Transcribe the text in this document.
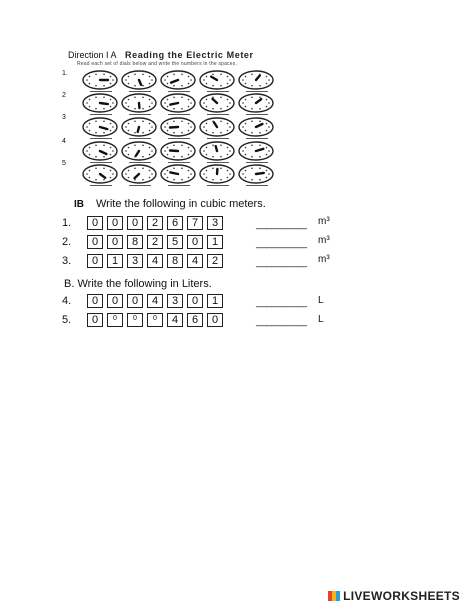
Direction I A Reading the Electric Meter
Read each set of dials below and write the numbers in the spaces.
1.
2
3
4
5
IB Write the following in cubic meters.
1.	0	0	0	2	6	7	3	__________ m³
2.	0	0	8	2	5	0	1	__________ m³
3.	0	1	3	4	8	4	2	__________ m³
B. Write the following in Liters.
4.	0	0	0	4	3	0	1	__________ L
5.	0	0	0	0	4	6	0	__________ L
LIVEWORKSHEETS
